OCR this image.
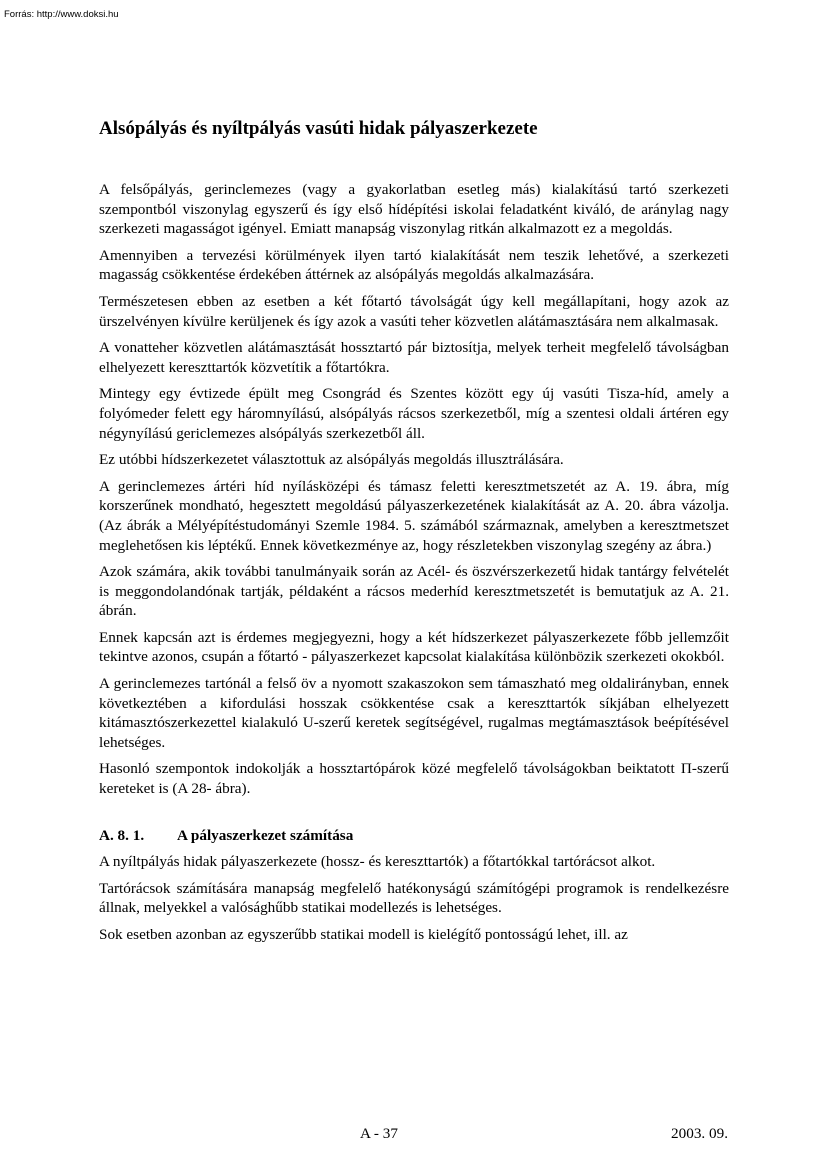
Forrás: http://www.doksi.hu
Alsópályás és nyíltpályás vasúti hidak pályaszerkezete

A felsőpályás, gerinclemezes (vagy a gyakorlatban esetleg más) kialakítású tartó szerkezeti szempontból viszonylag egyszerű és így első hídépítési iskolai feladatként kiváló, de aránylag nagy szerkezeti magasságot igényel. Emiatt manapság viszonylag ritkán alkalmazott ez a megoldás.

Amennyiben a tervezési körülmények ilyen tartó kialakítását nem teszik lehetővé, a szerkezeti magasság csökkentése érdekében áttérnek az alsópályás megoldás alkalmazására.

Természetesen ebben az esetben a két főtartó távolságát úgy kell megállapítani, hogy azok az ürszelvényen kívülre kerüljenek és így azok a vasúti teher közvetlen alátámasztására nem alkalmasak.

A vonatteher közvetlen alátámasztását hossztartó pár biztosítja, melyek terheit megfelelő távolságban elhelyezett kereszttartók közvetítik a főtartókra.

Mintegy egy évtizede épült meg Csongrád és Szentes között egy új vasúti Tisza-híd, amely a folyómeder felett egy háromnyílású, alsópályás rácsos szerkezetből, míg a szentesi oldali ártéren egy négynyílású gericlemezes alsópályás szerkezetből áll.

Ez utóbbi hídszerkezetet választottuk az alsópályás megoldás illusztrálására.

A gerinclemezes ártéri híd nyílásközépi és támasz feletti keresztmetszetét az A. 19. ábra, míg korszerűnek mondható, hegesztett megoldású pályaszerkezetének kialakítását az A. 20. ábra vázolja. (Az ábrák a Mélyépítéstudományi Szemle 1984. 5. számából származnak, amelyben a keresztmetszet meglehetősen kis léptékű. Ennek következménye az, hogy részletekben viszonylag szegény az ábra.)

Azok számára, akik további tanulmányaik során az Acél- és öszvérszerkezetű hidak tantárgy felvételét is meggondolandónak tartják, példaként a rácsos mederhíd keresztmetszetét is bemutatjuk az A. 21. ábrán.

Ennek kapcsán azt is érdemes megjegyezni, hogy a két hídszerkezet pályaszerkezete főbb jellemzőit tekintve azonos, csupán a főtartó - pályaszerkezet kapcsolat kialakítása különbözik szerkezeti okokból.

A gerinclemezes tartónál a felső öv a nyomott szakaszokon sem támaszható meg oldalirányban, ennek következtében a kifordulási hosszak csökkentése csak a kereszttartók síkjában elhelyezett kitámasztószerkezettel kialakuló U-szerű keretek segítségével, rugalmas megtámasztások beépítésével lehetséges.

Hasonló szempontok indokolják a hossztartópárok közé megfelelő távolságokban beiktatott Π-szerű kereteket is (A 28- ábra).

A. 8. 1. A pályaszerkezet számítása

A nyíltpályás hidak pályaszerkezete (hossz- és kereszttartók) a főtartókkal tartórácsot alkot.

Tartórácsok számítására manapság megfelelő hatékonyságú számítógépi programok is rendelkezésre állnak, melyekkel a valósághűbb statikai modellezés is lehetséges.

Sok esetben azonban az egyszerűbb statikai modell is kielégítő pontosságú lehet, ill. az

A - 37	2003. 09.
